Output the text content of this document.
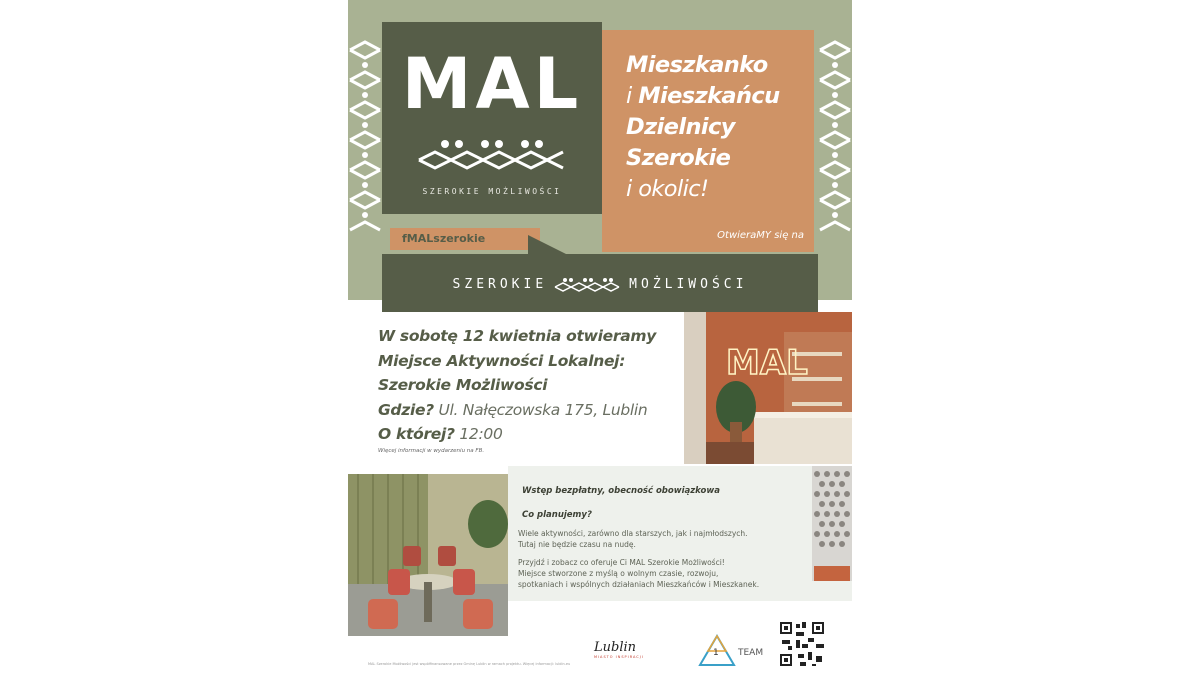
MAL
SZEROKIE MOŻLIWOŚCI
Mieszkanko
i Mieszkańcu
Dzielnicy
Szerokie
i okolic!
OtwieraMY się na
fMALszerokie
SZEROKIE	MOŻLIWOŚCI
W sobotę 12 kwietnia otwieramy
Miejsce Aktywności Lokalnej:
Szerokie Możliwości
Gdzie? Ul. Nałęczowska 175, Lublin
O której? 12:00
Więcej informacji w wydarzeniu na FB.
MAL
Wstęp bezpłatny, obecność obowiązkowa
Co planujemy?
Wiele aktywności, zarówno dla starszych, jak i najmłodszych.
Tutaj nie będzie czasu na nudę.
Przyjdź i zobacz co oferuje Ci MAL Szerokie Możliwości!
Miejsce stworzone z myślą o wolnym czasie, rozwoju,
spotkaniach i wspólnych działaniach Mieszkańców i Mieszkanek.
MAL Szerokie Możliwości jest współfinansowane przez Gminę Lublin w ramach projektu. Więcej informacji: lublin.eu
Lublin
MIASTO INSPIRACJI	1 TEAM
